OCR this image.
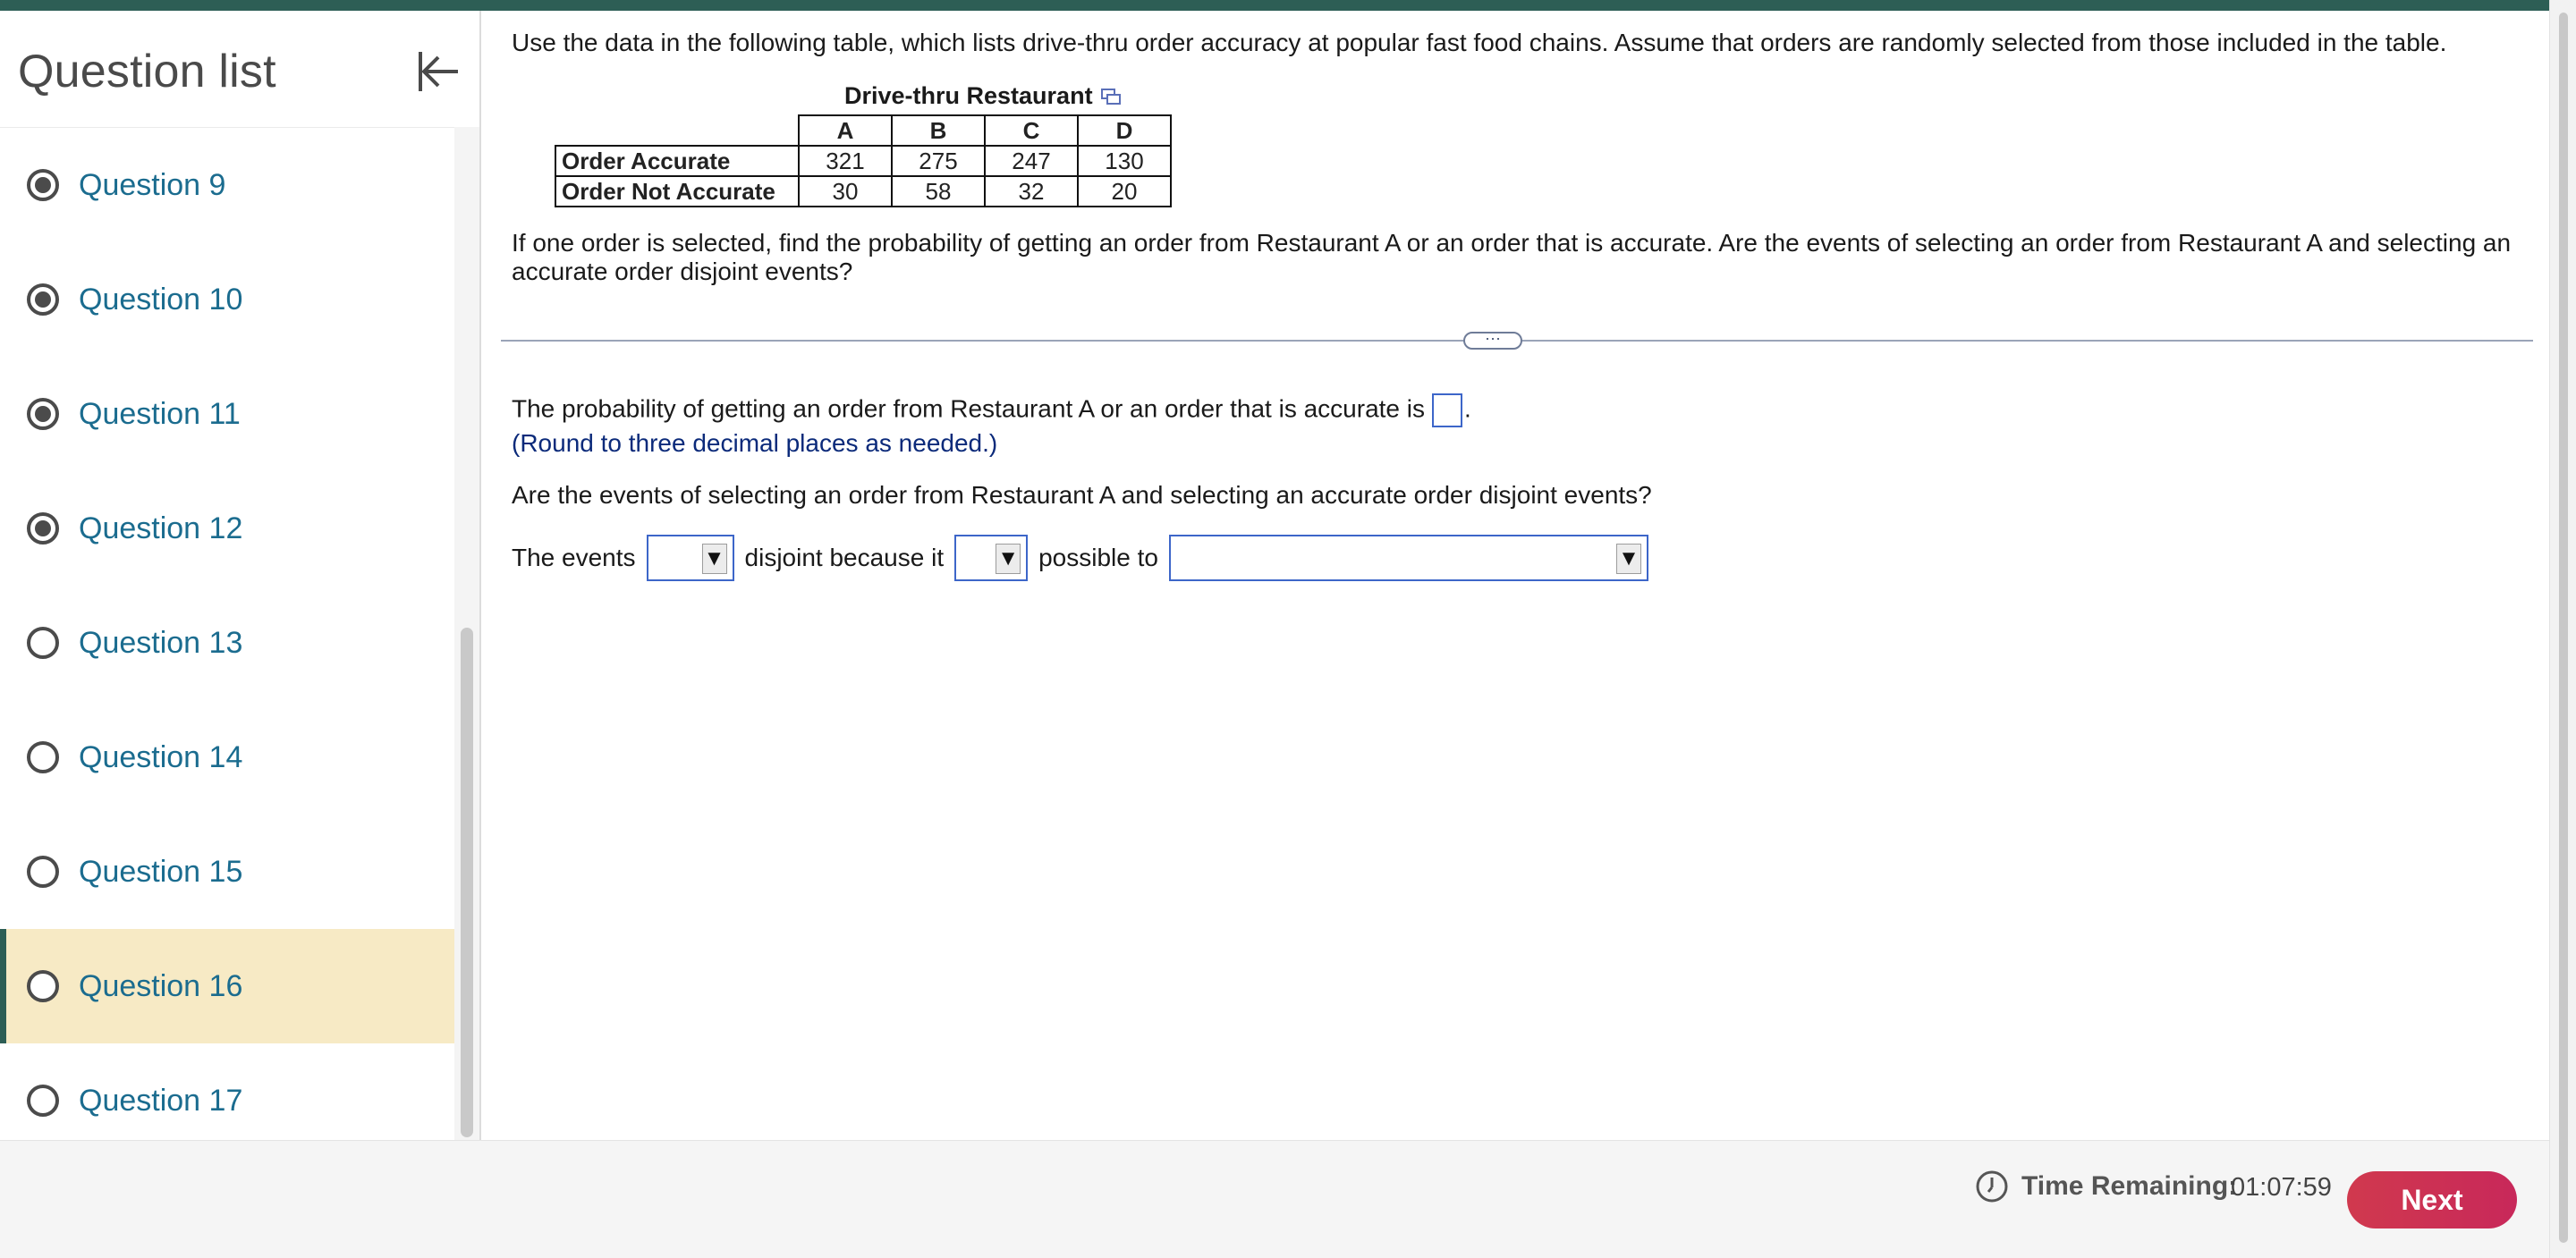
Question list
Question 9
Question 10
Question 11
Question 12
Question 13
Question 14
Question 15
Question 16
Question 17

Use the data in the following table, which lists drive-thru order accuracy at popular fast food chains. Assume that orders are randomly selected from those included in the table.

Drive-thru Restaurant
	A	B	C	D
Order Accurate	321	275	247	130
Order Not Accurate	30	58	32	20

If one order is selected, find the probability of getting an order from Restaurant A or an order that is accurate. Are the events of selecting an order from Restaurant A and selecting an accurate order disjoint events?

···

The probability of getting an order from Restaurant A or an order that is accurate is .

(Round to three decimal places as needed.)

Are the events of selecting an order from Restaurant A and selecting an accurate order disjoint events?

The events	▼ disjoint because it	▼ possible to	▼
Time Remaining:
01:07:59	Next
